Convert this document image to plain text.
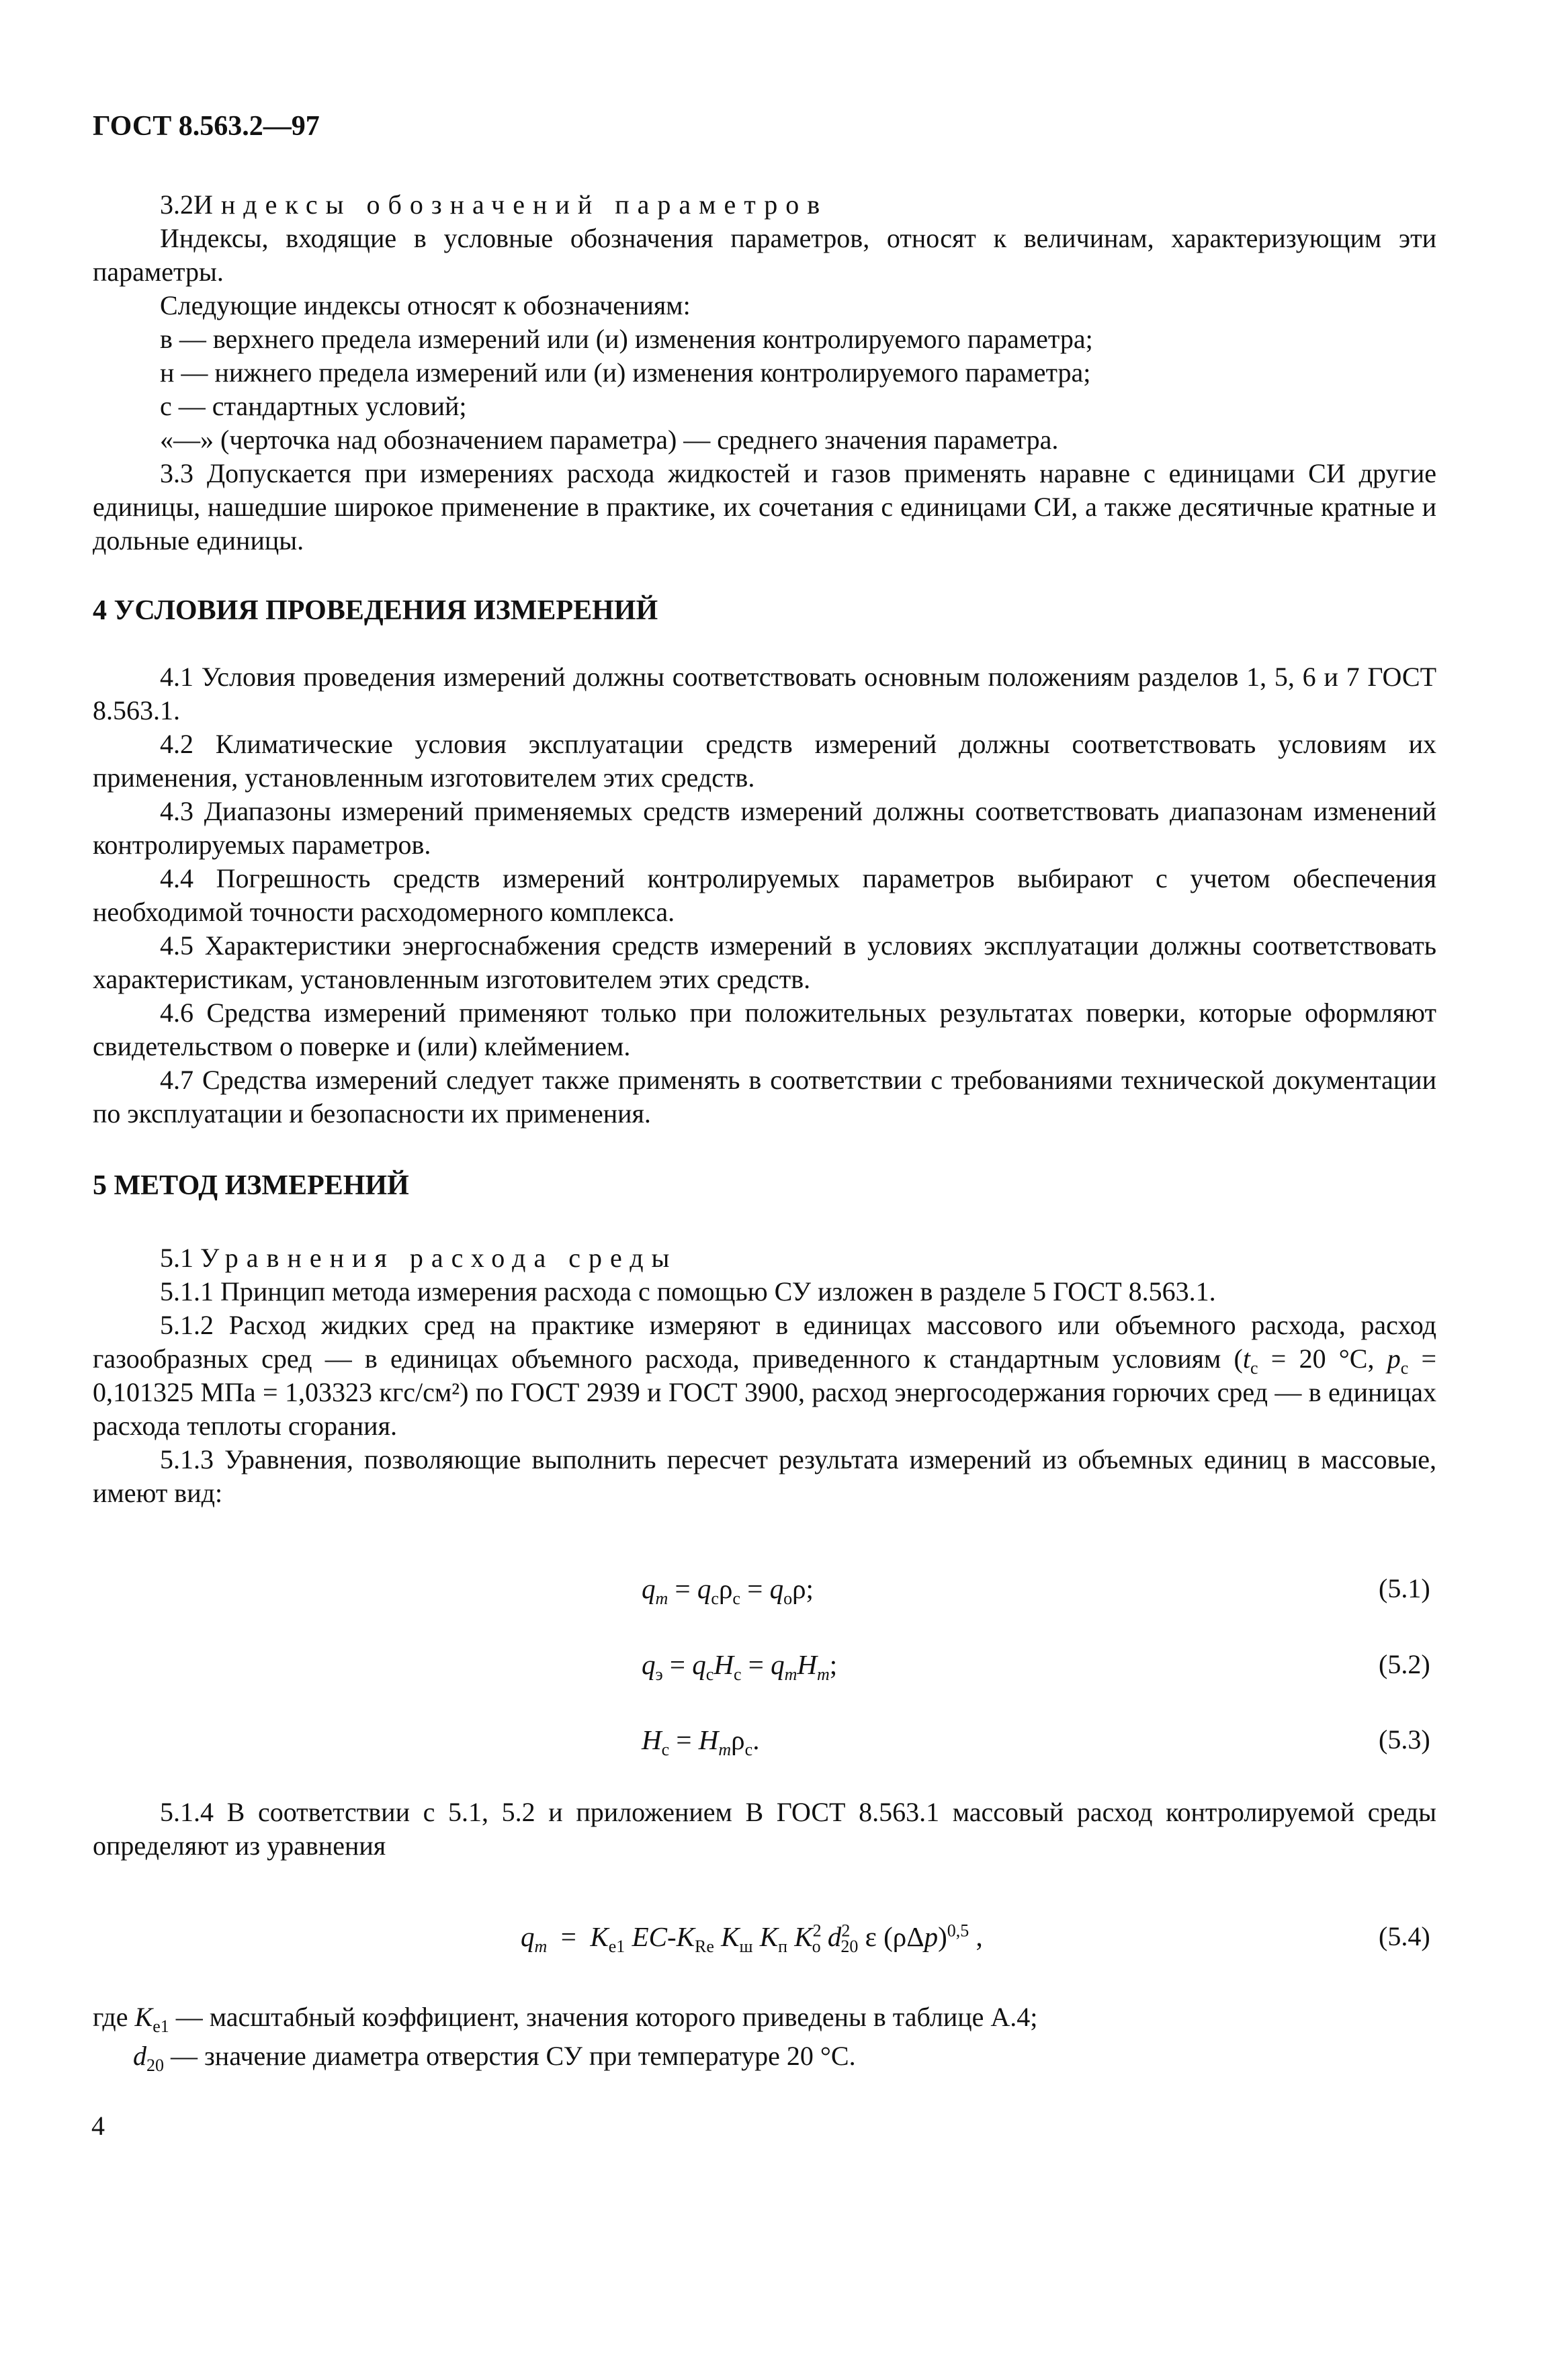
ГОСТ 8.563.2—97

3.2Индексы обозначений параметров

Индексы, входящие в условные обозначения параметров, относят к величинам, характеризующим эти параметры.

Следующие индексы относят к обозначениям:

в — верхнего предела измерений или (и) изменения контролируемого параметра;

н — нижнего предела измерений или (и) изменения контролируемого параметра;

с — стандартных условий;

«—» (черточка над обозначением параметра) — среднего значения параметра.

3.3 Допускается при измерениях расхода жидкостей и газов применять наравне с единицами СИ другие единицы, нашедшие широкое применение в практике, их сочетания с единицами СИ, а также десятичные кратные и дольные единицы.

4 УСЛОВИЯ ПРОВЕДЕНИЯ ИЗМЕРЕНИЙ

4.1 Условия проведения измерений должны соответствовать основным положениям разделов 1, 5, 6 и 7 ГОСТ 8.563.1.

4.2 Климатические условия эксплуатации средств измерений должны соответствовать условиям их применения, установленным изготовителем этих средств.

4.3 Диапазоны измерений применяемых средств измерений должны соответствовать диапазонам изменений контролируемых параметров.

4.4 Погрешность средств измерений контролируемых параметров выбирают с учетом обеспечения необходимой точности расходомерного комплекса.

4.5 Характеристики энергоснабжения средств измерений в условиях эксплуатации должны соответствовать характеристикам, установленным изготовителем этих средств.

4.6 Средства измерений применяют только при положительных результатах поверки, которые оформляют свидетельством о поверке и (или) клеймением.

4.7 Средства измерений следует также применять в соответствии с требованиями технической документации по эксплуатации и безопасности их применения.

5 МЕТОД ИЗМЕРЕНИЙ

5.1 Уравнения расхода среды

5.1.1 Принцип метода измерения расхода с помощью СУ изложен в разделе 5 ГОСТ 8.563.1.

5.1.2 Расход жидких сред на практике измеряют в единицах массового или объемного расхода, расход газообразных сред — в единицах объемного расхода, приведенного к стандартным условиям ($t_с = 20$ °С, $p_с = 0,101325$ МПа = 1,03323 кгс/см²) по ГОСТ 2939 и ГОСТ 3900, расход энергосодержания горючих сред — в единицах расхода теплоты сгорания.

5.1.3 Уравнения, позволяющие выполнить пересчет результата измерений из объемных единиц в массовые, имеют вид:

$q_m = q_с\rho_с = q_о\rho$;	(5.1)
$q_э = q_сH_с = q_mH_m$;	(5.2)
$H_с = H_m\rho_с$.	(5.3)

5.1.4 В соответствии с 5.1, 5.2 и приложением В ГОСТ 8.563.1 массовый расход контролируемой среды определяют из уравнения

$q_m = K_{e1}$ $EC-K_{Re}$ $K_ш$ $K_п$ $K^2_о$ $d^2_{20}$ ε $(\rho\Delta p)^{0,5}$ ,	(5.4)
где $K_{e1}$ — масштабный коэффициент, значения которого приведены в таблице А.4;
$d_{20}$ — значение диаметра отверстия СУ при температуре 20 °С.
4
